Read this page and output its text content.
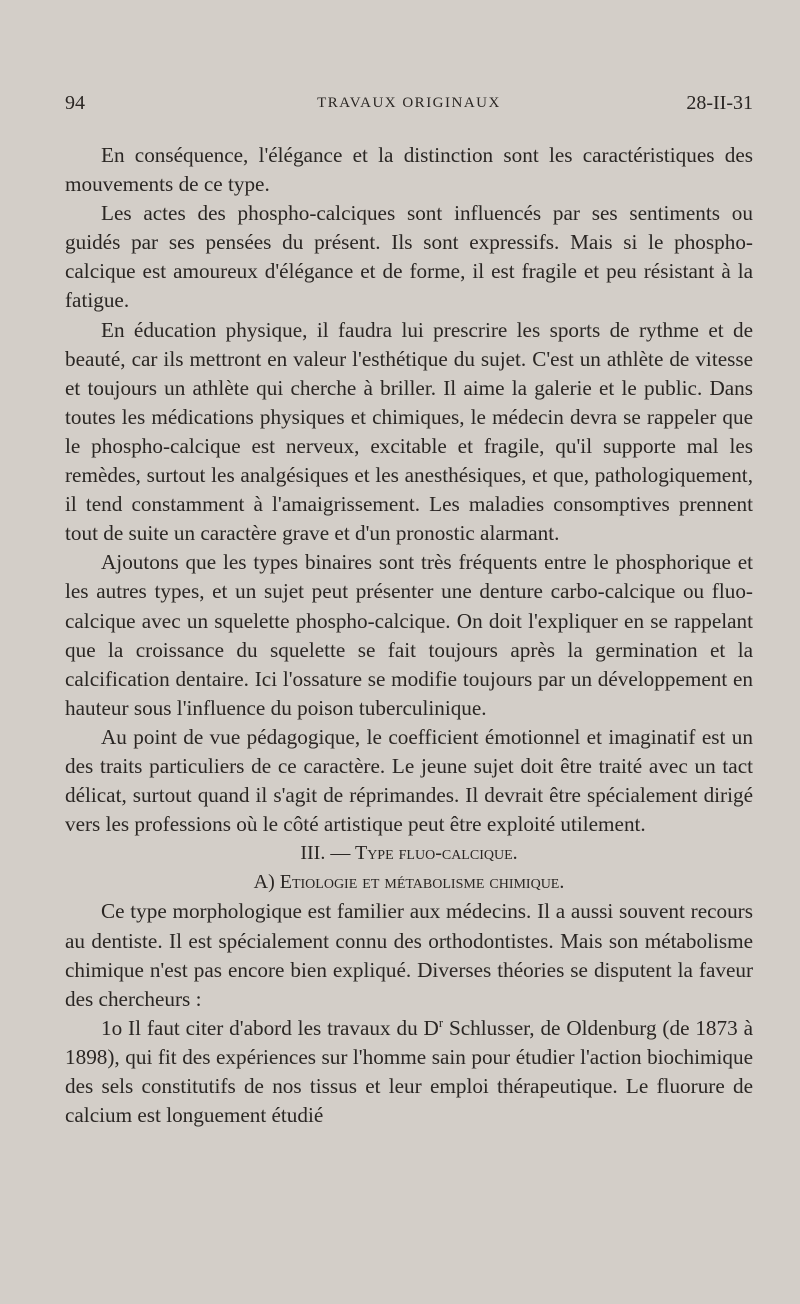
94	TRAVAUX ORIGINAUX	28-II-31

En conséquence, l'élégance et la distinction sont les caractéristiques des mouvements de ce type.

Les actes des phospho-calciques sont influencés par ses sentiments ou guidés par ses pensées du présent. Ils sont expressifs. Mais si le phospho-calcique est amoureux d'élégance et de forme, il est fragile et peu résistant à la fatigue.

En éducation physique, il faudra lui prescrire les sports de rythme et de beauté, car ils mettront en valeur l'esthétique du sujet. C'est un athlète de vitesse et toujours un athlète qui cherche à briller. Il aime la galerie et le public. Dans toutes les médications physiques et chimiques, le médecin devra se rappeler que le phospho-calcique est nerveux, excitable et fragile, qu'il supporte mal les remèdes, surtout les analgésiques et les anesthésiques, et que, pathologiquement, il tend constamment à l'amaigrissement. Les maladies consomptives prennent tout de suite un caractère grave et d'un pronostic alarmant.

Ajoutons que les types binaires sont très fréquents entre le phosphorique et les autres types, et un sujet peut présenter une denture carbo-calcique ou fluo-calcique avec un squelette phospho-calcique. On doit l'expliquer en se rappelant que la croissance du squelette se fait toujours après la germination et la calcification dentaire. Ici l'ossature se modifie toujours par un développement en hauteur sous l'influence du poison tuberculinique.

Au point de vue pédagogique, le coefficient émotionnel et imaginatif est un des traits particuliers de ce caractère. Le jeune sujet doit être traité avec un tact délicat, surtout quand il s'agit de réprimandes. Il devrait être spécialement dirigé vers les professions où le côté artistique peut être exploité utilement.

III. — Type fluo-calcique.

A) Etiologie et métabolisme chimique.

Ce type morphologique est familier aux médecins. Il a aussi souvent recours au dentiste. Il est spécialement connu des orthodontistes. Mais son métabolisme chimique n'est pas encore bien expliqué. Diverses théories se disputent la faveur des chercheurs :

1o Il faut citer d'abord les travaux du $D^r$ Schlusser, de Oldenburg (de 1873 à 1898), qui fit des expériences sur l'homme sain pour étudier l'action biochimique des sels constitutifs de nos tissus et leur emploi thérapeutique. Le fluorure de calcium est longuement étudié
